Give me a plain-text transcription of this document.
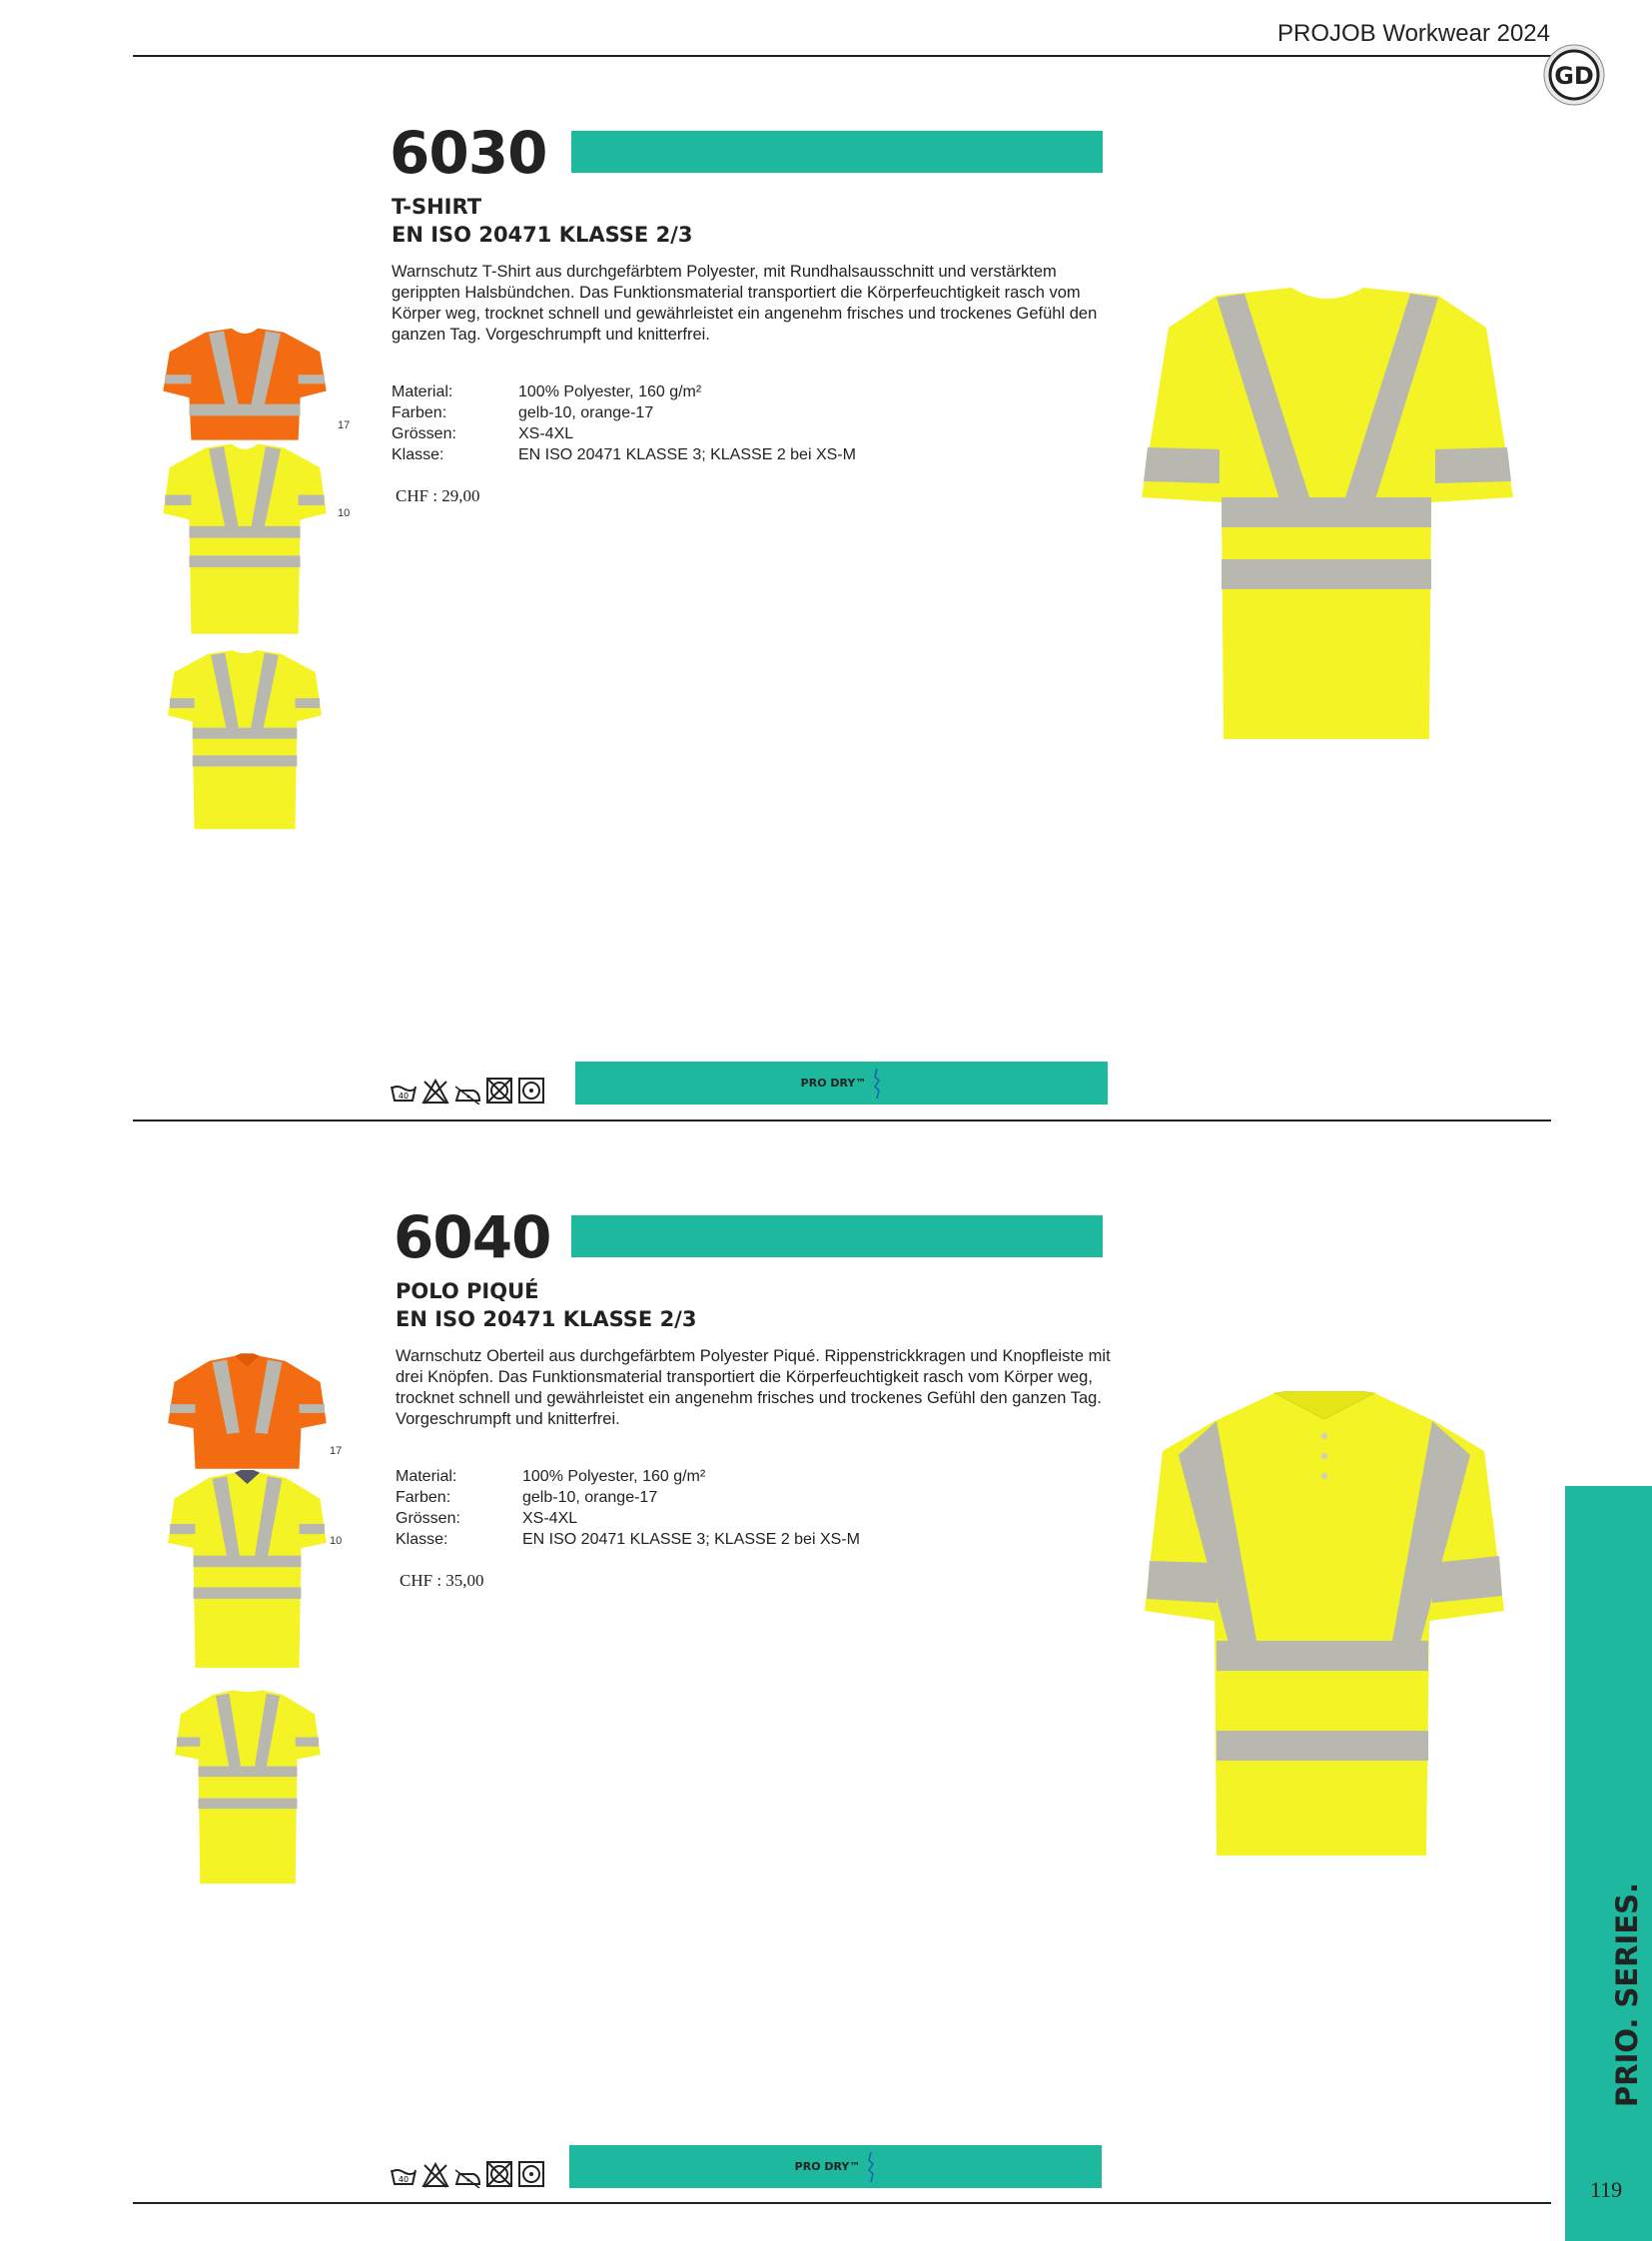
PROJOB Workwear 2024
GD
6030
T-SHIRT
EN ISO 20471 KLASSE 2/3
Warnschutz T-Shirt aus durchgefärbtem Polyester, mit Rundhalsausschnitt und verstärktem gerippten Halsbündchen. Das Funktionsmaterial transportiert die Körperfeuchtigkeit rasch vom Körper weg, trocknet schnell und gewährleistet ein angenehm frisches und trockenes Gefühl den ganzen Tag. Vorgeschrumpft und knitterfrei.
Material:	100% Polyester, 160 g/m²
Farben:	gelb-10, orange-17
Grössen:	XS-4XL
Klasse:	EN ISO 20471 KLASSE 3; KLASSE 2 bei XS-M
CHF : 29,00
17
10
40
PRO DRY™
6040
POLO PIQUÉ
EN ISO 20471 KLASSE 2/3
Warnschutz Oberteil aus durchgefärbtem Polyester Piqué. Rippenstrickkragen und Knopfleiste mit drei Knöpfen. Das Funktionsmaterial transportiert die Körperfeuchtigkeit rasch vom Körper weg, trocknet schnell und gewährleistet ein angenehm frisches und trockenes Gefühl den ganzen Tag. Vorgeschrumpft und knitterfrei.
Material:	100% Polyester, 160 g/m²
Farben:	gelb-10, orange-17
Grössen:	XS-4XL
Klasse:	EN ISO 20471 KLASSE 3; KLASSE 2 bei XS-M
CHF : 35,00
17
10
40
PRO DRY™
PRIO. SERIES.
119
